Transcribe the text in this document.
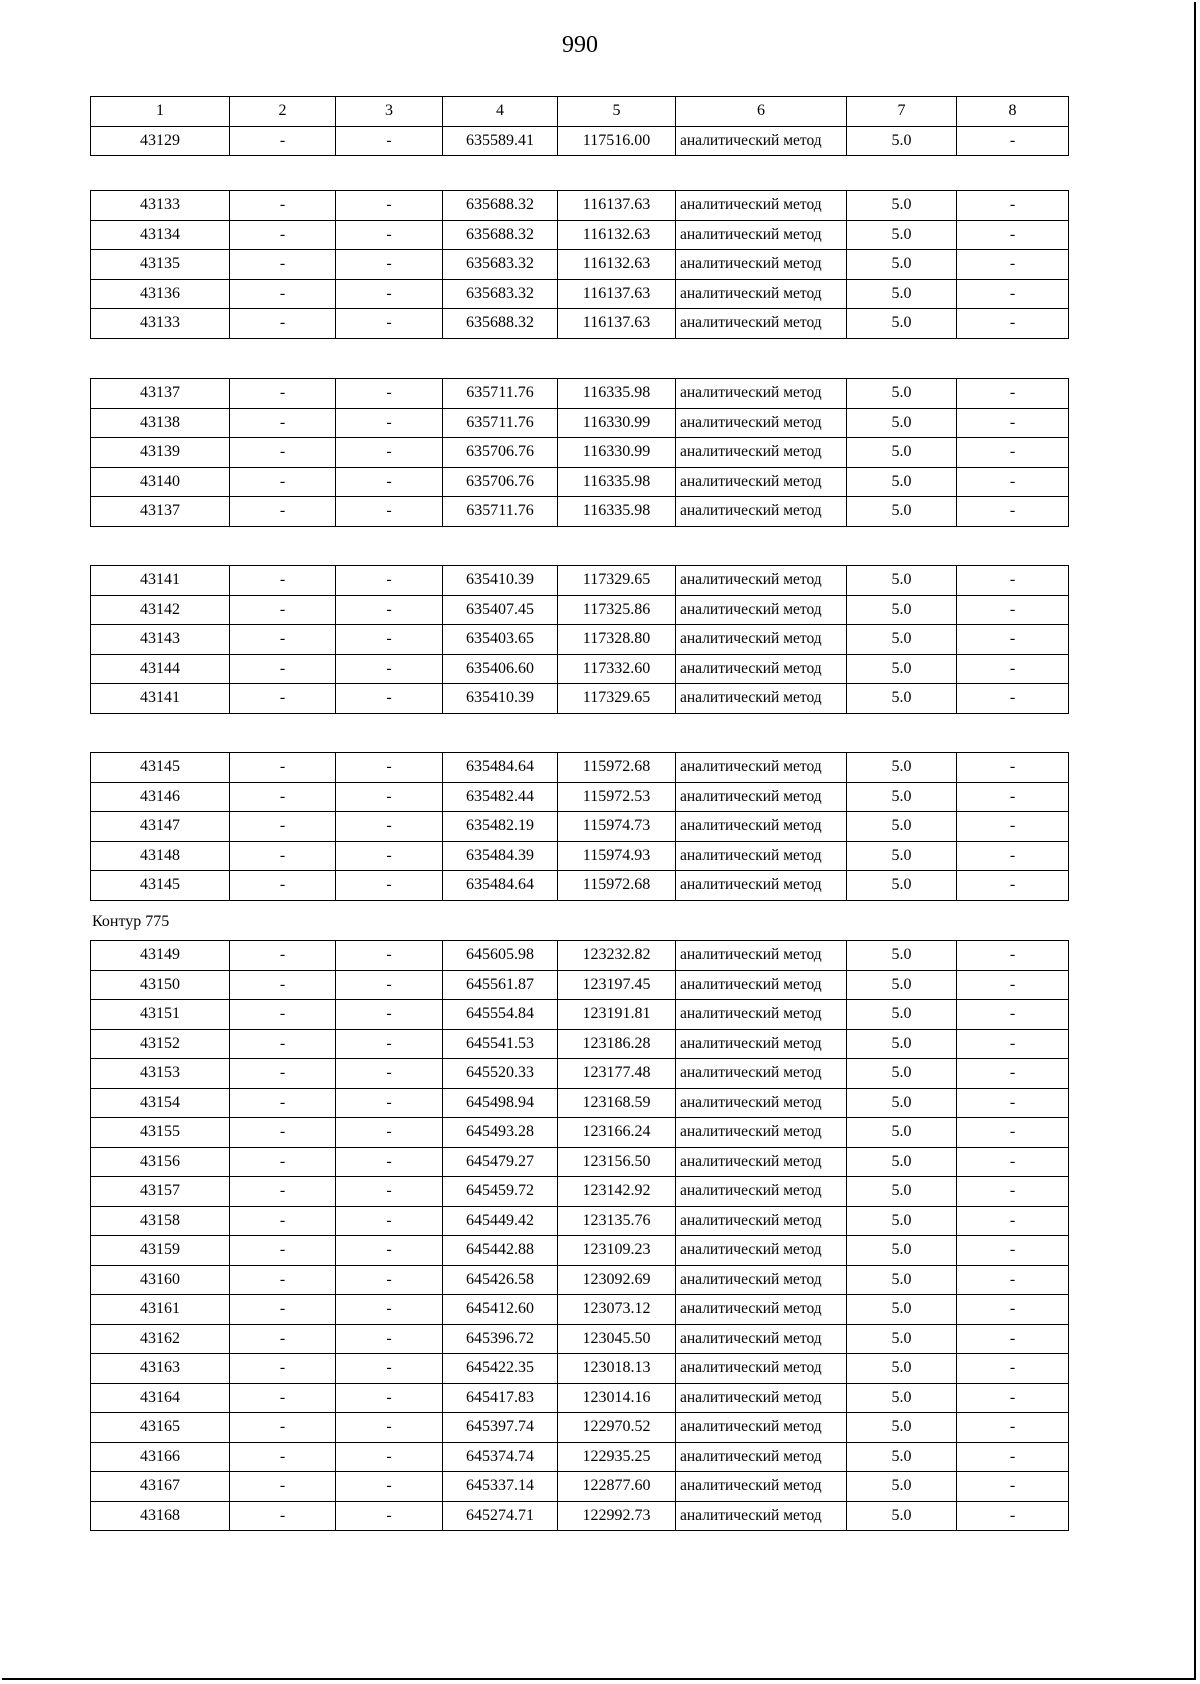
990
Контур 775
1	2	3	4	5	6	7	8
43129	-	-	635589.41	117516.00	аналитический метод	5.0	-
43133	-	-	635688.32	116137.63	аналитический метод	5.0	-
43134	-	-	635688.32	116132.63	аналитический метод	5.0	-
43135	-	-	635683.32	116132.63	аналитический метод	5.0	-
43136	-	-	635683.32	116137.63	аналитический метод	5.0	-
43133	-	-	635688.32	116137.63	аналитический метод	5.0	-
43137	-	-	635711.76	116335.98	аналитический метод	5.0	-
43138	-	-	635711.76	116330.99	аналитический метод	5.0	-
43139	-	-	635706.76	116330.99	аналитический метод	5.0	-
43140	-	-	635706.76	116335.98	аналитический метод	5.0	-
43137	-	-	635711.76	116335.98	аналитический метод	5.0	-
43141	-	-	635410.39	117329.65	аналитический метод	5.0	-
43142	-	-	635407.45	117325.86	аналитический метод	5.0	-
43143	-	-	635403.65	117328.80	аналитический метод	5.0	-
43144	-	-	635406.60	117332.60	аналитический метод	5.0	-
43141	-	-	635410.39	117329.65	аналитический метод	5.0	-
43145	-	-	635484.64	115972.68	аналитический метод	5.0	-
43146	-	-	635482.44	115972.53	аналитический метод	5.0	-
43147	-	-	635482.19	115974.73	аналитический метод	5.0	-
43148	-	-	635484.39	115974.93	аналитический метод	5.0	-
43145	-	-	635484.64	115972.68	аналитический метод	5.0	-
43149	-	-	645605.98	123232.82	аналитический метод	5.0	-
43150	-	-	645561.87	123197.45	аналитический метод	5.0	-
43151	-	-	645554.84	123191.81	аналитический метод	5.0	-
43152	-	-	645541.53	123186.28	аналитический метод	5.0	-
43153	-	-	645520.33	123177.48	аналитический метод	5.0	-
43154	-	-	645498.94	123168.59	аналитический метод	5.0	-
43155	-	-	645493.28	123166.24	аналитический метод	5.0	-
43156	-	-	645479.27	123156.50	аналитический метод	5.0	-
43157	-	-	645459.72	123142.92	аналитический метод	5.0	-
43158	-	-	645449.42	123135.76	аналитический метод	5.0	-
43159	-	-	645442.88	123109.23	аналитический метод	5.0	-
43160	-	-	645426.58	123092.69	аналитический метод	5.0	-
43161	-	-	645412.60	123073.12	аналитический метод	5.0	-
43162	-	-	645396.72	123045.50	аналитический метод	5.0	-
43163	-	-	645422.35	123018.13	аналитический метод	5.0	-
43164	-	-	645417.83	123014.16	аналитический метод	5.0	-
43165	-	-	645397.74	122970.52	аналитический метод	5.0	-
43166	-	-	645374.74	122935.25	аналитический метод	5.0	-
43167	-	-	645337.14	122877.60	аналитический метод	5.0	-
43168	-	-	645274.71	122992.73	аналитический метод	5.0	-
